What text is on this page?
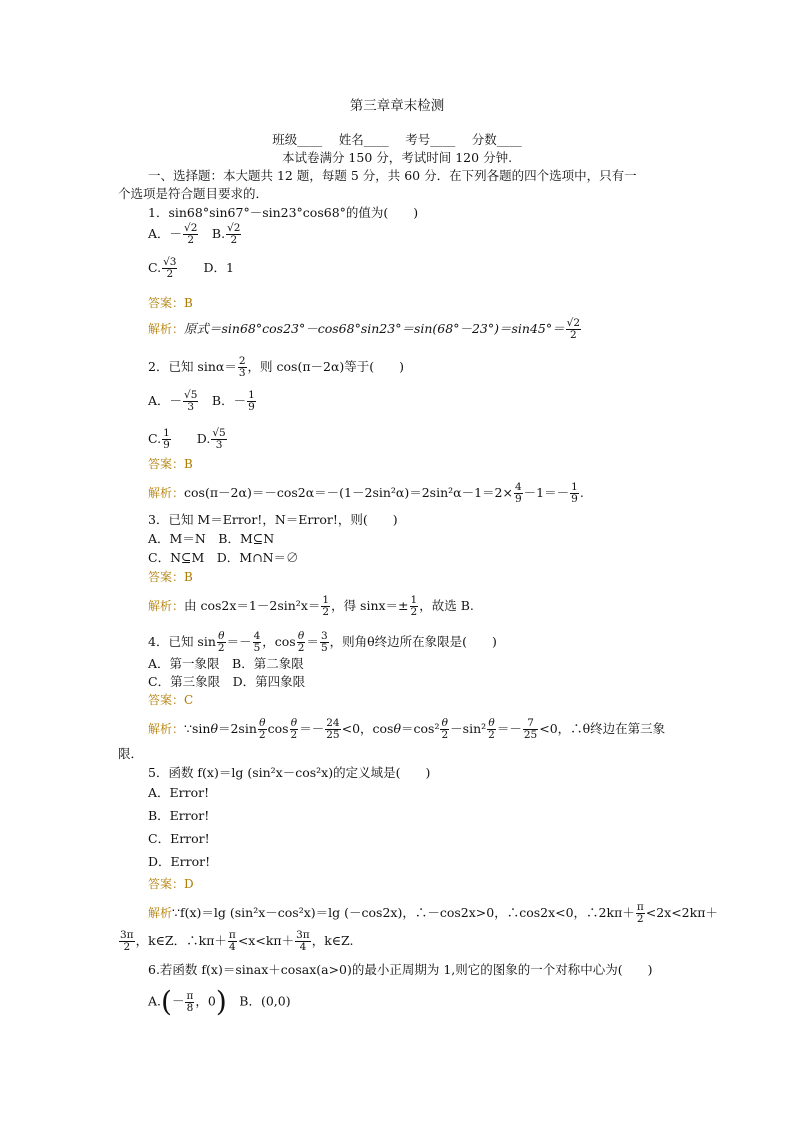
第三章章末检测
班级____　 姓名____　 考号____　 分数____
本试卷满分 150 分，考试时间 120 分钟.
一、选择题：本大题共 12 题，每题 5 分，共 60 分．在下列各题的四个选项中，只有一
个选项是符合题目要求的．
1．sin68°sin67°－sin23°cos68°的值为(　　)
A．－ √ $\frac{2}{2}$ 　B. √ $\frac{2}{2}$
C. √ $\frac{3}{2}$ 　　D．1
答案：B
解析：原式＝sin68°cos23°－cos68°sin23°＝sin(68°－23°)＝sin45°＝ √ $\frac{2}{2}$
2．已知 $\sin\alpha= \frac{2}{3}$ ，则 cos(π－2α)等于(　　)
A．－ √ $\frac{5}{3}$ 　B．－ $\frac{1}{9}$
C. $\frac{1}{9}$ 　　D. √ $\frac{5}{3}$
答案：B
解析：$\cos(\pi-2\alpha)=-\cos 2\alpha=-(1-2\sin^2\alpha)=2\sin^2\alpha-1=2\times \frac{4}{9} -1=- \frac{1}{9}$ .
3．已知 M＝Error!，N＝Error!，则(　　)
A．M＝N　B．M⊆N
C．N⊆M　D．M∩N＝∅
答案：B
解析：由 $\cos 2x=1-2\sin^2x= \frac{1}{2}$ ，得 $\sin x=\pm \frac{1}{2}$ ，故选 B.
4．已知 $\sin \frac{\theta}{2} =- \frac{4}{5}$ ，$\cos \frac{\theta}{2} = \frac{3}{5}$ ，则角θ终边所在象限是(　　)
A．第一象限　B．第二象限
C．第三象限　D．第四象限
答案：C
解析：∵sinθ＝2sin $\frac{\theta}{2}$ $\cos \frac{\theta}{2} =- \frac{24}{25} <0$，$\cos\theta=\cos^2 \frac{\theta}{2} -\sin^2 \frac{\theta}{2} =- \frac{7}{25} <0$，∴θ终边在第三象
限．
5．函数 f(x)＝lg (sin²x－cos²x)的定义域是(　　)
A．Error!
B．Error!
C．Error!
D．Error!
答案：D
解析∵f(x)＝lg (sin²x－cos²x)＝lg (－cos2x)，∴－cos2x>0，∴cos2x<0，∴2kπ＋ $\frac{\pi}{2} <2x<2k\pi+$
$\frac{3\pi}{2}$ ，k∈Z．∴kπ＋ $\frac{\pi}{4} <x<k\pi+ \frac{3\pi}{4}$ ，k∈Z.
6.若函数 f(x)＝sinax＋cosax(a>0)的最小正周期为 1,则它的图象的一个对称中心为(　　)
$A.(- \frac{\pi}{8}$ ，0)　 B．(0,0)
